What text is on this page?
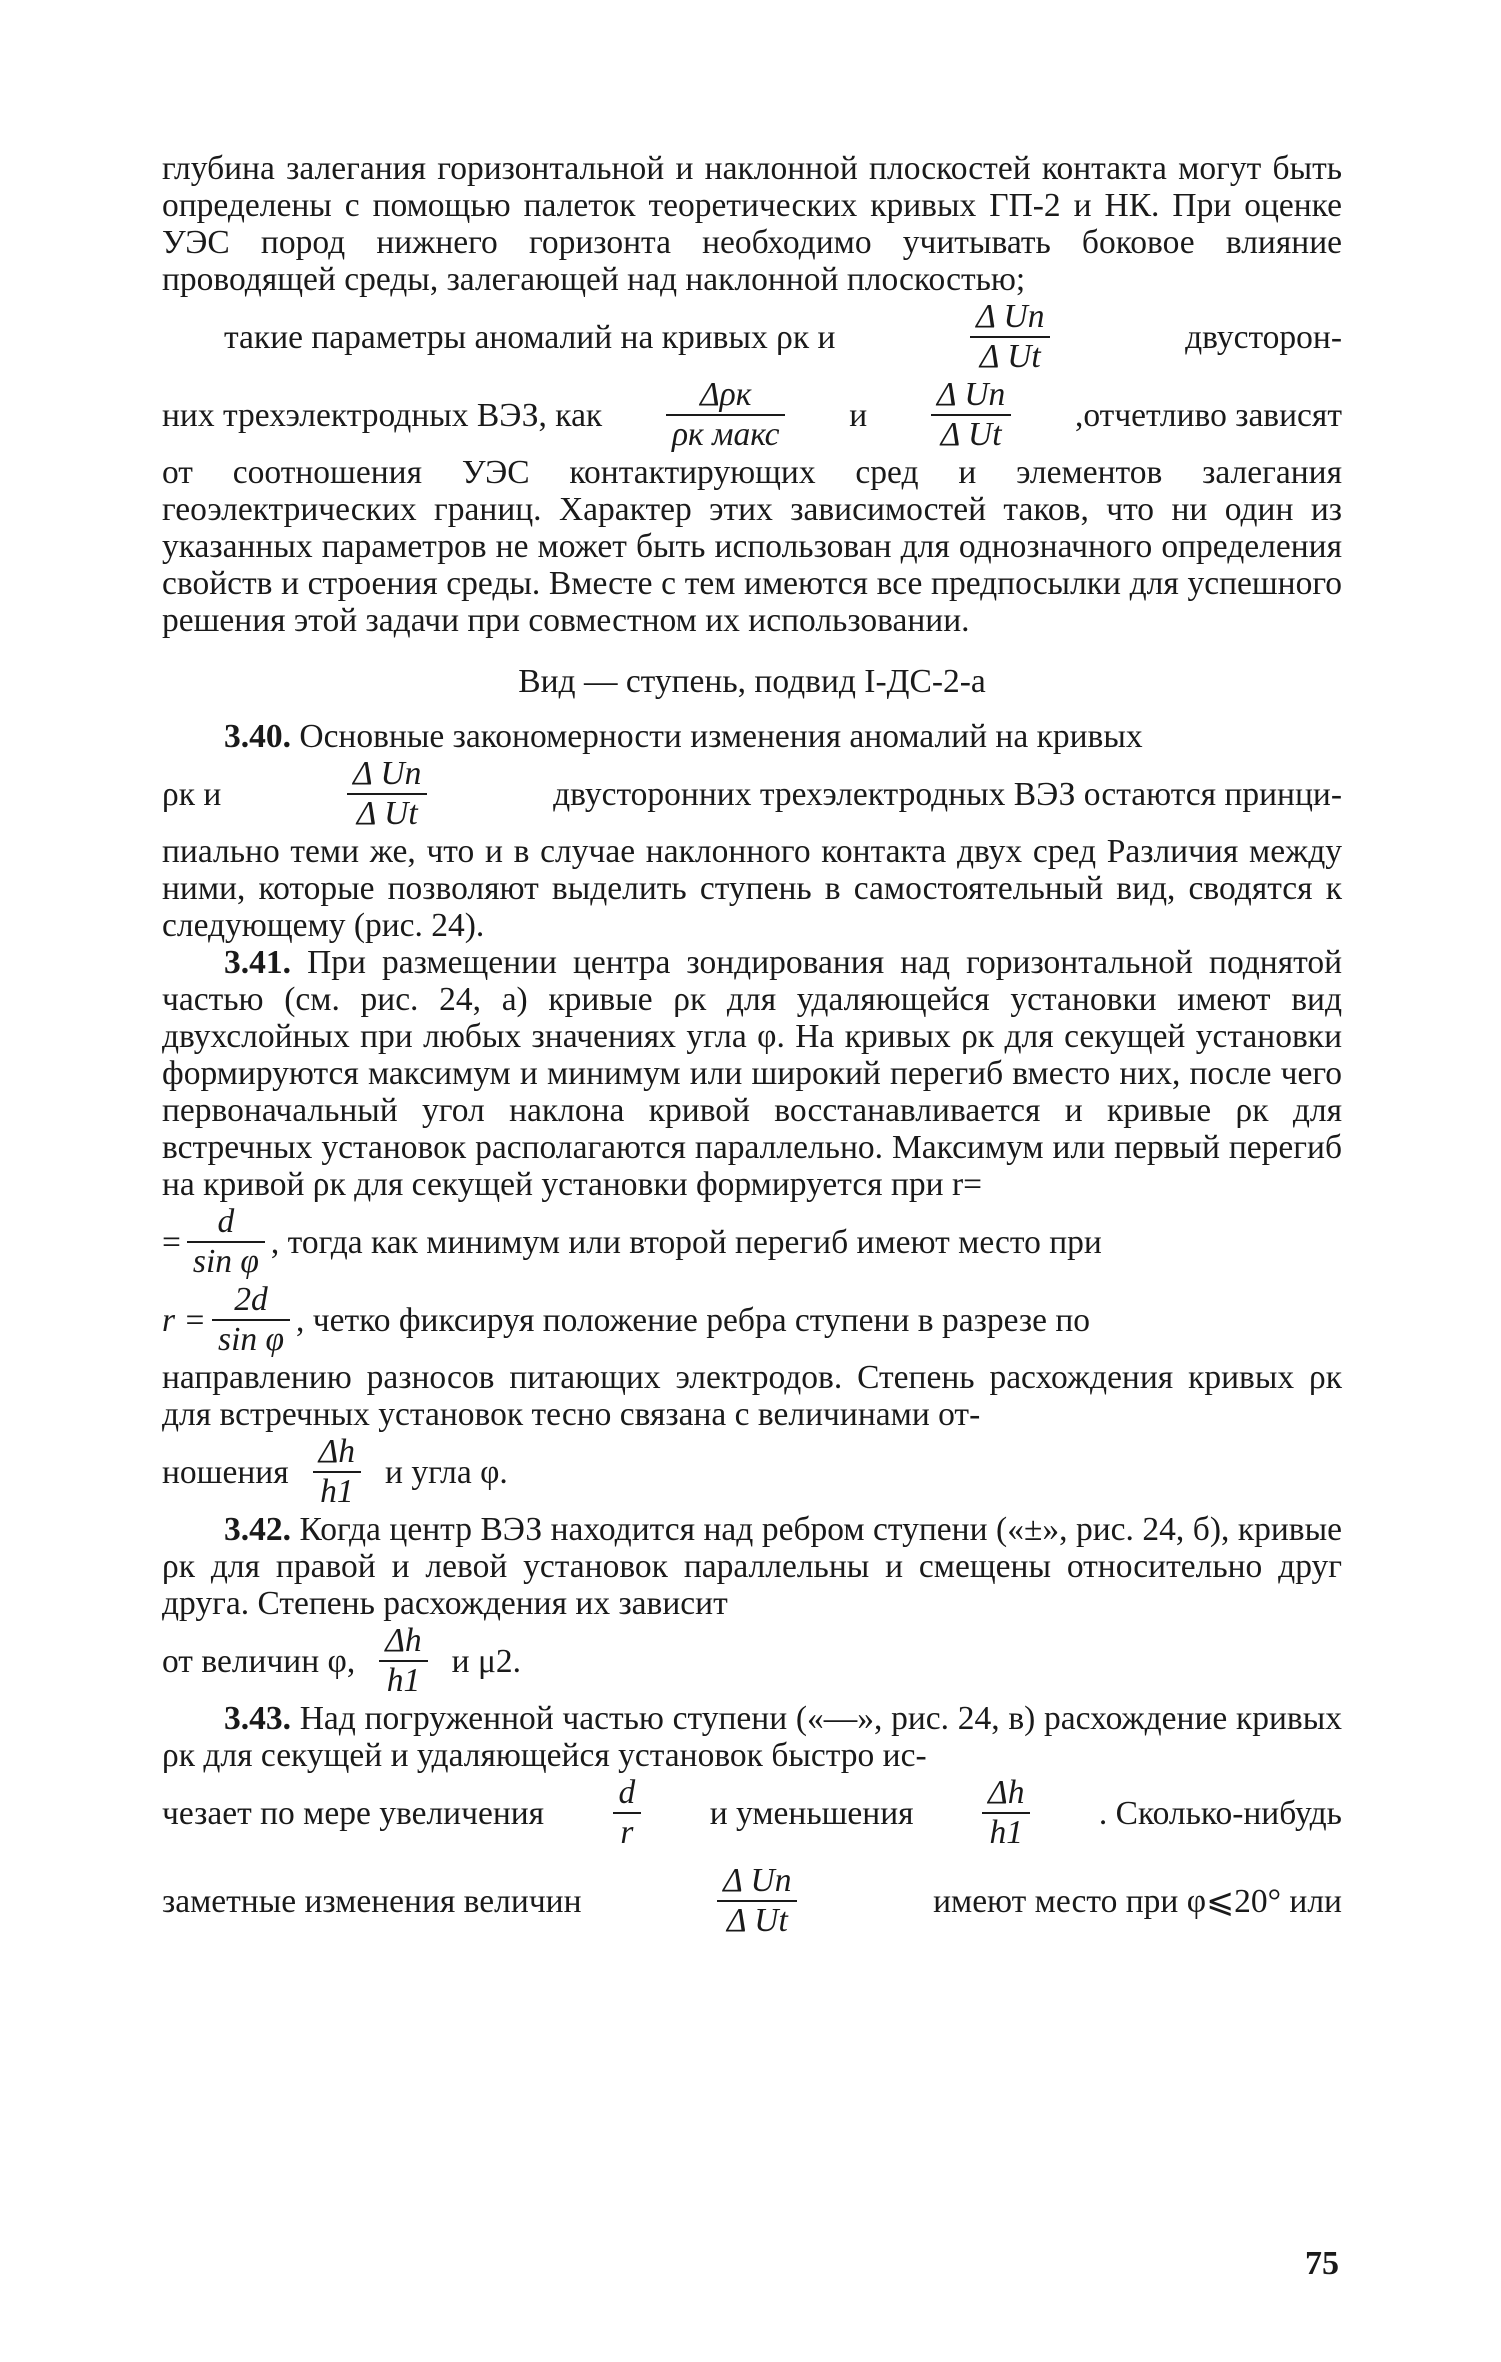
глубина залегания горизонтальной и наклонной плоскостей контакта могут быть определены с помощью палеток теоретических кривых ГП-2 и НК. При оценке УЭС пород нижнего горизонта необходимо учитывать боковое влияние проводящей среды, залегающей над наклонной плоскостью;

такие параметры аномалий на кривых ρк и	$\frac{\text{Δ Un}}{\text{Δ Ut}}$	двусторон-
них трехэлектродных ВЭЗ, как $\frac{\text{Δρк}}{\text{ρк макс}}$ и $\frac{\text{Δ Un}}{\text{Δ Ut}}$ ,отчетливо зависят

от соотношения УЭС контактирующих сред и элементов залегания геоэлектрических границ. Характер этих зависимостей таков, что ни один из указанных параметров не может быть использован для однозначного определения свойств и строения среды. Вместе с тем имеются все предпосылки для успешного решения этой задачи при совместном их использовании.

Вид — ступень, подвид I-ДС-2-а

3.40. Основные закономерности изменения аномалий на кривых

ρк и	$\frac{\text{Δ Un}}{\text{Δ Ut}}$	двусторонних трехэлектродных ВЭЗ остаются принци-

пиально теми же, что и в случае наклонного контакта двух сред Различия между ними, которые позволяют выделить ступень в самостоятельный вид, сводятся к следующему (рис. 24).

3.41. При размещении центра зондирования над горизонтальной поднятой частью (см. рис. 24, а) кривые ρк для удаляющейся установки имеют вид двухслойных при любых значениях угла φ. На кривых ρк для секущей установки формируются максимум и минимум или широкий перегиб вместо них, после чего первоначальный угол наклона кривой восстанавливается и кривые ρк для встречных установок располагаются параллельно. Максимум или первый перегиб на кривой ρк для секущей установки формируется при r=

= $\frac{d}{\text{sin φ}}$ , тогда как минимум или второй перегиб имеют место при
$r = \frac{2d}{\text{sin φ}}$ , четко фиксируя положение ребра ступени в разрезе по

направлению разносов питающих электродов. Степень расхождения кривых ρк для встречных установок тесно связана с величинами от-

ношения $\frac{\Delta h}{h1}$ и угла φ.

3.42. Когда центр ВЭЗ находится над ребром ступени («±», рис. 24, б), кривые ρк для правой и левой установок параллельны и смещены относительно друг друга. Степень расхождения их зависит

от величин φ, $\frac{\Delta h}{h1}$ и μ2.

3.43. Над погруженной частью ступени («—», рис. 24, в) расхождение кривых ρк для секущей и удаляющейся установок быстро ис-

чезает по мере увеличения $\frac{d}{r}$ и уменьшения $\frac{\Delta h}{h1}$ . Сколько-нибудь
заметные изменения величин	$\frac{\text{Δ Un}}{\text{Δ Ut}}$	имеют место при φ⩽20° или
75
